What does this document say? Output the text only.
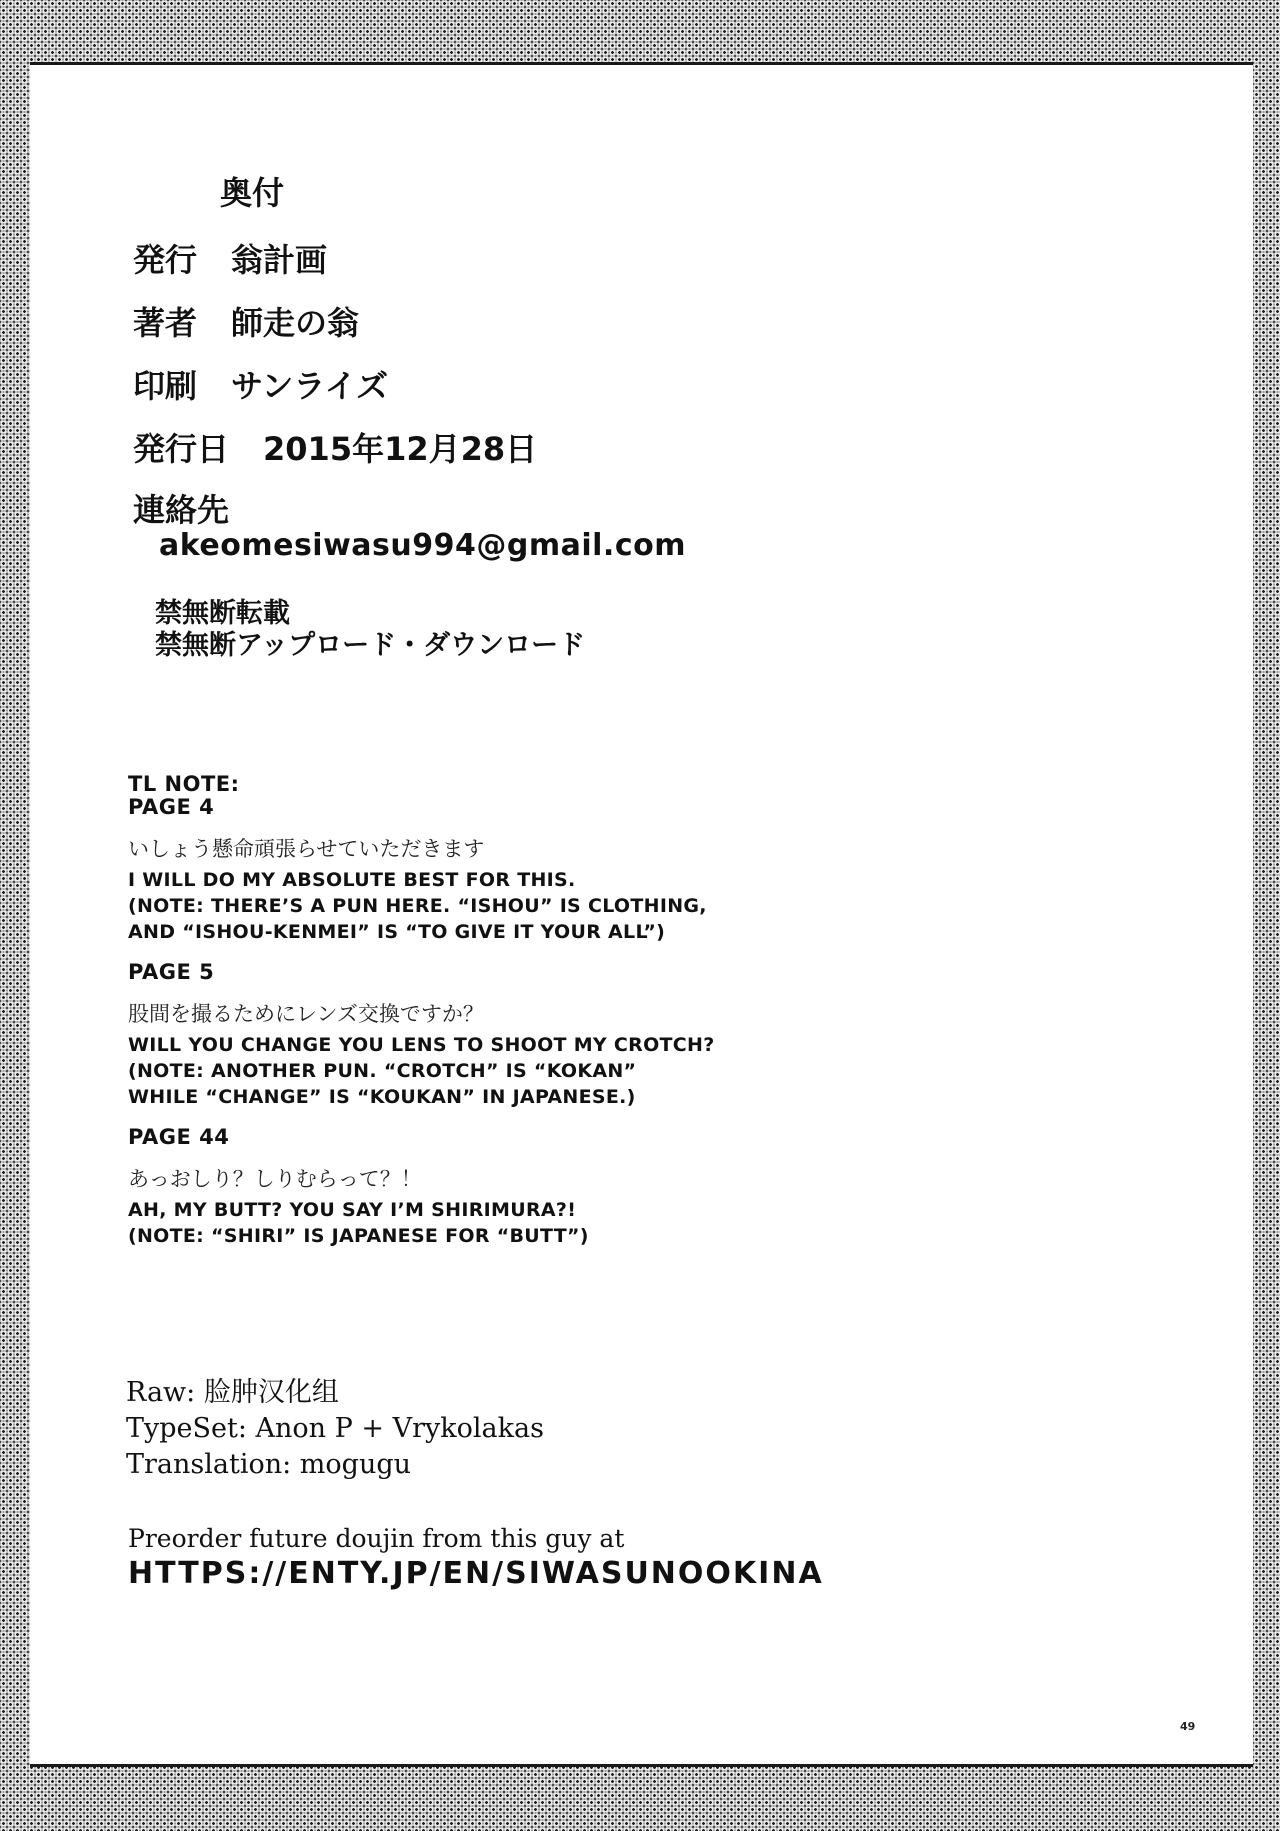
奥付

発行 翁計画
著者 師走の翁
印刷 サンライズ
発行日 2015年12月28日

連絡先

akeomesiwasu994@gmail.com

禁無断転載

禁無断アップロード・ダウンロード

TL NOTE:

PAGE 4

いしょう懸命頑張らせていただきます

I WILL DO MY ABSOLUTE BEST FOR THIS.

(NOTE: THERE’S A PUN HERE. “ISHOU” IS CLOTHING,

AND “ISHOU-KENMEI” IS “TO GIVE IT YOUR ALL”)

PAGE 5

股間を撮るためにレンズ交換ですか？

WILL YOU CHANGE YOU LENS TO SHOOT MY CROTCH?

(NOTE: ANOTHER PUN. “CROTCH” IS “KOKAN”

WHILE “CHANGE” IS “KOUKAN” IN JAPANESE.)

PAGE 44

あっおしり？しりむらって？！

AH, MY BUTT? YOU SAY I’M SHIRIMURA?!

(NOTE: “SHIRI” IS JAPANESE FOR “BUTT”)

Raw: 脸肿汉化组

TypeSet: Anon P + Vrykolakas

Translation: mogugu

Preorder future doujin from this guy at

HTTPS://ENTY.JP/EN/SIWASUNOOKINA

49
